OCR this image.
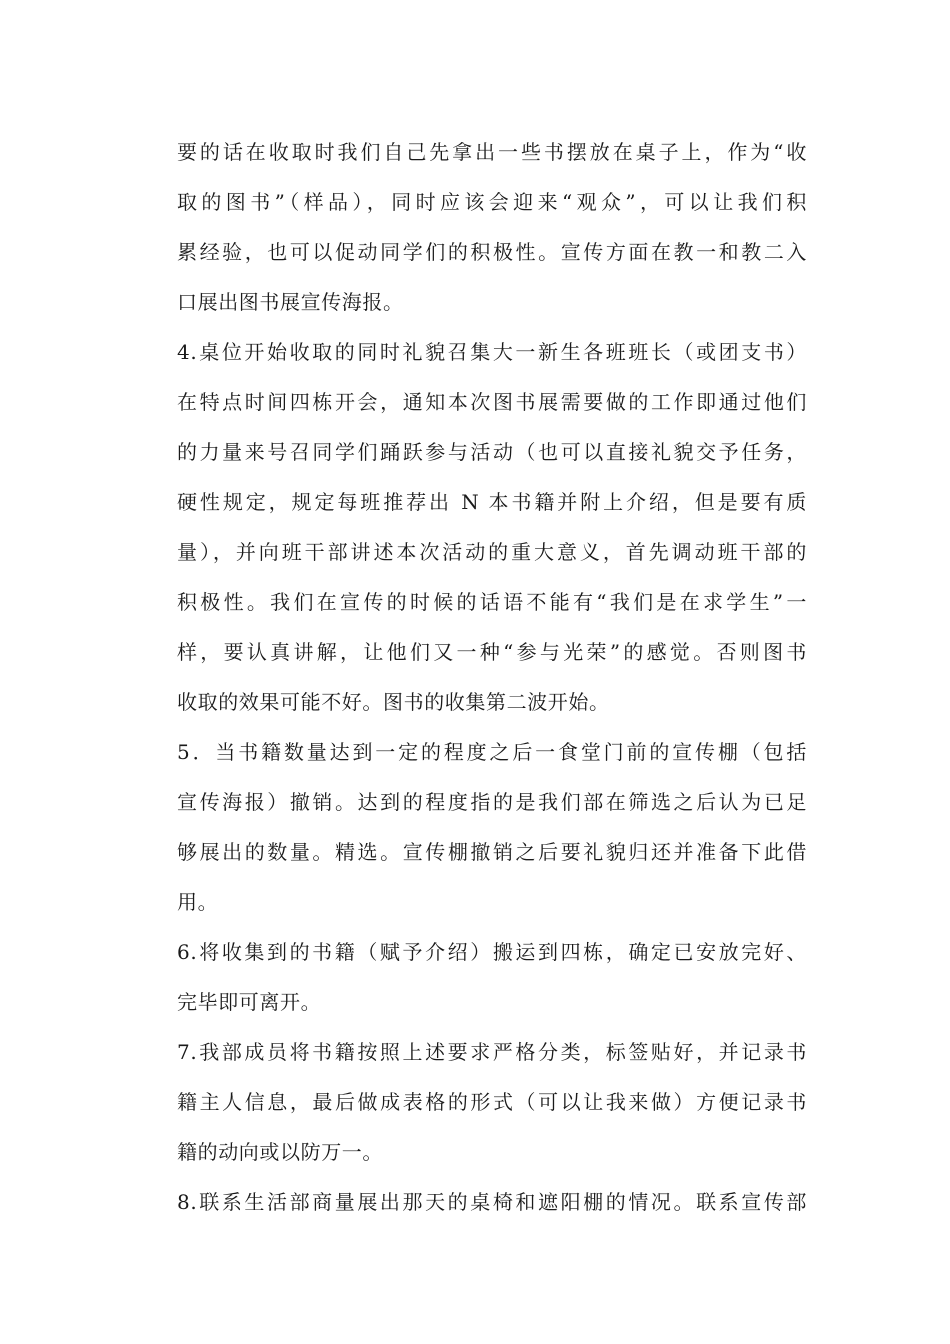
要的话在收取时我们自己先拿出一些书摆放在桌子上，作为“收
取的图书”（样品），同时应该会迎来“观众”，可以让我们积
累经验，也可以促动同学们的积极性。宣传方面在教一和教二入
口展出图书展宣传海报。
4.桌位开始收取的同时礼貌召集大一新生各班班长（或团支书）
在特点时间四栋开会，通知本次图书展需要做的工作即通过他们
的力量来号召同学们踊跃参与活动（也可以直接礼貌交予任务，
硬性规定，规定每班推荐出 N 本书籍并附上介绍，但是要有质
量），并向班干部讲述本次活动的重大意义，首先调动班干部的
积极性。我们在宣传的时候的话语不能有“我们是在求学生”一
样，要认真讲解，让他们又一种“参与光荣”的感觉。否则图书
收取的效果可能不好。图书的收集第二波开始。
5．当书籍数量达到一定的程度之后一食堂门前的宣传棚（包括
宣传海报）撤销。达到的程度指的是我们部在筛选之后认为已足
够展出的数量。精选。宣传棚撤销之后要礼貌归还并准备下此借
用。
6.将收集到的书籍（赋予介绍）搬运到四栋，确定已安放完好、
完毕即可离开。
7.我部成员将书籍按照上述要求严格分类，标签贴好，并记录书
籍主人信息，最后做成表格的形式（可以让我来做）方便记录书
籍的动向或以防万一。
8.联系生活部商量展出那天的桌椅和遮阳棚的情况。联系宣传部
